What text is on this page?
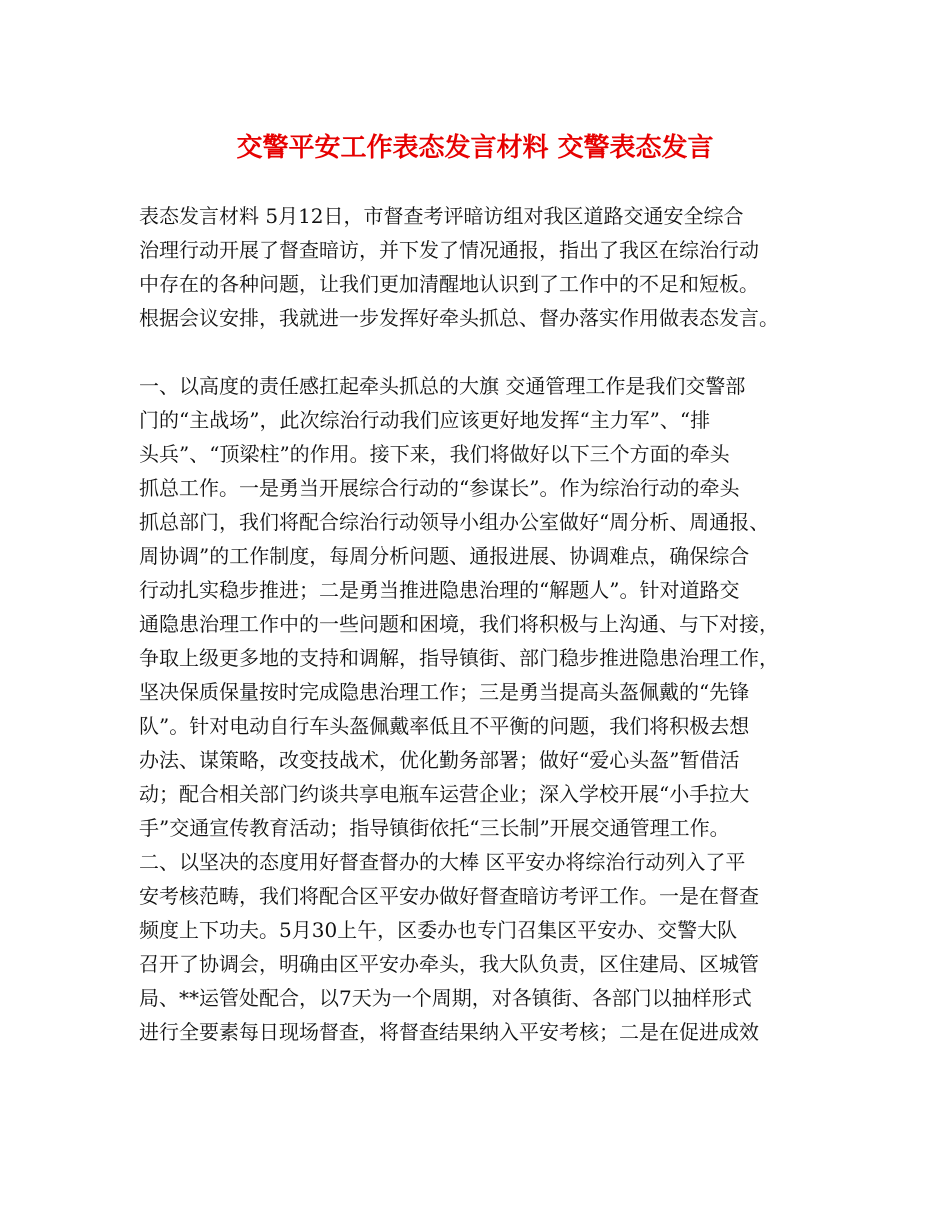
交警平安工作表态发言材料 交警表态发言
表态发言材料 5月12日，市督查考评暗访组对我区道路交通安全综合
治理行动开展了督查暗访，并下发了情况通报，指出了我区在综治行动
中存在的各种问题，让我们更加清醒地认识到了工作中的不足和短板。
根据会议安排，我就进一步发挥好牵头抓总、督办落实作用做表态发言。
一、以高度的责任感扛起牵头抓总的大旗 交通管理工作是我们交警部
门的“主战场”，此次综治行动我们应该更好地发挥“主力军”、“排
头兵”、“顶梁柱”的作用。接下来，我们将做好以下三个方面的牵头
抓总工作。一是勇当开展综合行动的“参谋长”。作为综治行动的牵头
抓总部门，我们将配合综治行动领导小组办公室做好“周分析、周通报、
周协调”的工作制度，每周分析问题、通报进展、协调难点，确保综合
行动扎实稳步推进；二是勇当推进隐患治理的“解题人”。针对道路交
通隐患治理工作中的一些问题和困境，我们将积极与上沟通、与下对接，
争取上级更多地的支持和调解，指导镇街、部门稳步推进隐患治理工作，
坚决保质保量按时完成隐患治理工作；三是勇当提高头盔佩戴的“先锋
队”。针对电动自行车头盔佩戴率低且不平衡的问题，我们将积极去想
办法、谋策略，改变技战术，优化勤务部署；做好“爱心头盔”暂借活
动；配合相关部门约谈共享电瓶车运营企业；深入学校开展“小手拉大
手”交通宣传教育活动；指导镇街依托“三长制”开展交通管理工作。
二、以坚决的态度用好督查督办的大棒 区平安办将综治行动列入了平
安考核范畴，我们将配合区平安办做好督查暗访考评工作。一是在督查
频度上下功夫。5月30上午，区委办也专门召集区平安办、交警大队
召开了协调会，明确由区平安办牵头，我大队负责，区住建局、区城管
局、**运管处配合，以7天为一个周期，对各镇街、各部门以抽样形式
进行全要素每日现场督查，将督查结果纳入平安考核；二是在促进成效
